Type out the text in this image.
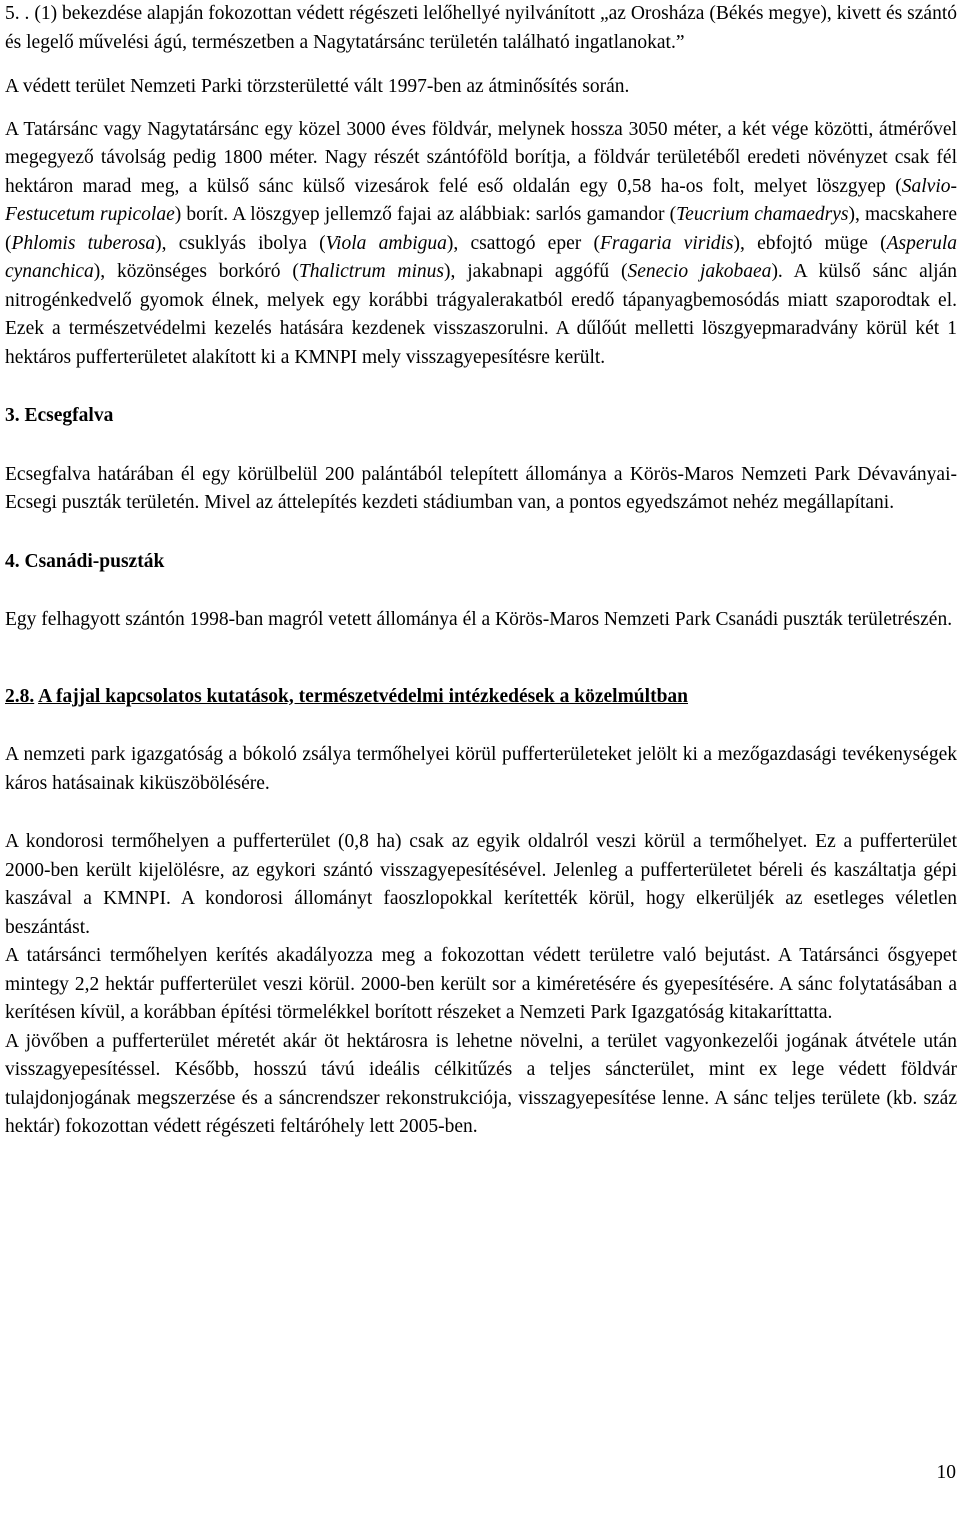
5. . (1) bekezdése alapján fokozottan védett régészeti lelőhellyé nyilvánított „az Orosháza (Békés megye), kivett és szántó és legelő művelési ágú, természetben a Nagytatársánc területén található ingatlanokat.”

A védett terület Nemzeti Parki törzsterületté vált 1997-ben az átminősítés során.

A Tatársánc vagy Nagytatársánc egy közel 3000 éves földvár, melynek hossza 3050 méter, a két vége közötti, átmérővel megegyező távolság pedig 1800 méter. Nagy részét szántóföld borítja, a földvár területéből eredeti növényzet csak fél hektáron marad meg, a külső sánc külső vizesárok felé eső oldalán egy 0,58 ha-os folt, melyet löszgyep (Salvio-Festucetum rupicolae) borít. A löszgyep jellemző fajai az alábbiak: sarlós gamandor (Teucrium chamaedrys), macskahere (Phlomis tuberosa), csuklyás ibolya (Viola ambigua), csattogó eper (Fragaria viridis), ebfojtó müge (Asperula cynanchica), közönséges borkóró (Thalictrum minus), jakabnapi aggófű (Senecio jakobaea). A külső sánc alján nitrogénkedvelő gyomok élnek, melyek egy korábbi trágyalerakatból eredő tápanyagbemosódás miatt szaporodtak el. Ezek a természetvédelmi kezelés hatására kezdenek visszaszorulni. A dűlőút melletti löszgyepmaradvány körül két 1 hektáros pufferterületet alakított ki a KMNPI mely visszagyepesítésre került.

3. Ecsegfalva

Ecsegfalva határában él egy körülbelül 200 palántából telepített állománya a Körös-Maros Nemzeti Park Dévaványai-Ecsegi puszták területén. Mivel az áttelepítés kezdeti stádiumban van, a pontos egyedszámot nehéz megállapítani.

4. Csanádi-puszták

Egy felhagyott szántón 1998-ban magról vetett állománya él a Körös-Maros Nemzeti Park Csanádi puszták területrészén.

2.8. A fajjal kapcsolatos kutatások, természetvédelmi intézkedések a közelmúltban

A nemzeti park igazgatóság a bókoló zsálya termőhelyei körül pufferterületeket jelölt ki a mezőgazdasági tevékenységek káros hatásainak kiküszöbölésére.

A kondorosi termőhelyen a pufferterület (0,8 ha) csak az egyik oldalról veszi körül a termőhelyet. Ez a pufferterület 2000-ben került kijelölésre, az egykori szántó visszagyepesítésével. Jelenleg a pufferterületet béreli és kaszáltatja gépi kaszával a KMNPI. A kondorosi állományt faoszlopokkal kerítették körül, hogy elkerüljék az esetleges véletlen beszántást.

A tatársánci termőhelyen kerítés akadályozza meg a fokozottan védett területre való bejutást. A Tatársánci ősgyepet mintegy 2,2 hektár pufferterület veszi körül. 2000-ben került sor a kiméretésére és gyepesítésére. A sánc folytatásában a kerítésen kívül, a korábban építési törmelékkel borított részeket a Nemzeti Park Igazgatóság kitakaríttatta.

A jövőben a pufferterület méretét akár öt hektárosra is lehetne növelni, a terület vagyonkezelői jogának átvétele után visszagyepesítéssel. Később, hosszú távú ideális célkitűzés a teljes sáncterület, mint ex lege védett földvár tulajdonjogának megszerzése és a sáncrendszer rekonstrukciója, visszagyepesítése lenne. A sánc teljes területe (kb. száz hektár) fokozottan védett régészeti feltáróhely lett 2005-ben.

10
